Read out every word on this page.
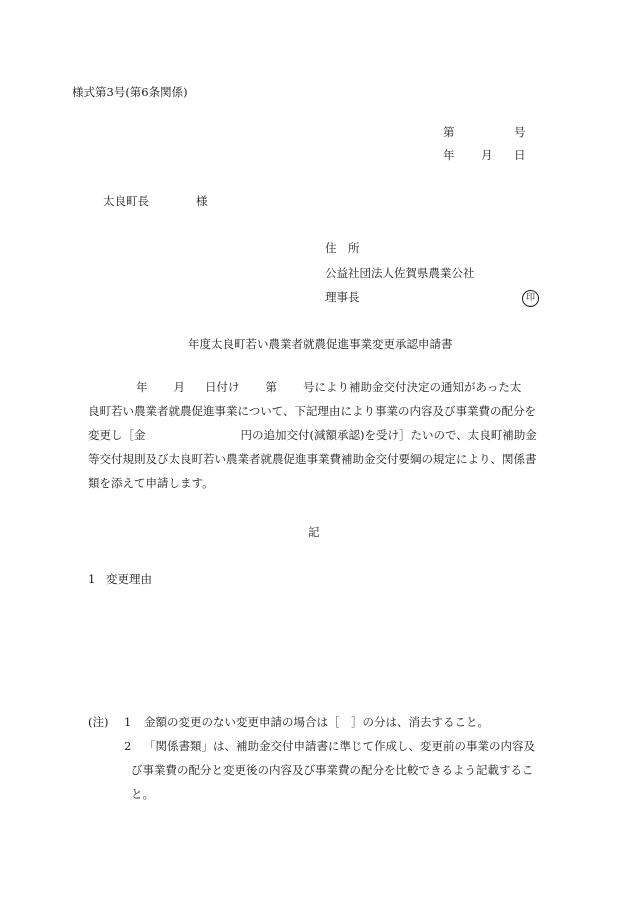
様式第3号(第6条関係)
第	号
年 月 日
太良町長	様
住　所
公益社団法人佐賀県農業公社
理事長	印
年度太良町若い農業者就農促進事業変更承認申請書
年 月 日付け 第 号により補助金交付決定の通知があった太
良町若い農業者就農促進事業について、下記理由により事業の内容及び事業費の配分を
変更し［金	円の追加交付(減額承認)を受け］たいので、太良町補助金
等交付規則及び太良町若い農業者就農促進事業費補助金交付要綱の規定により、関係書
類を添えて申請します。
記
1 変更理由
(注) 1 金額の変更のない変更申請の場合は［　］の分は、消去すること。
2 「関係書類」は、補助金交付申請書に準じて作成し、変更前の事業の内容及
び事業費の配分と変更後の内容及び事業費の配分を比較できるよう記載するこ
と。
